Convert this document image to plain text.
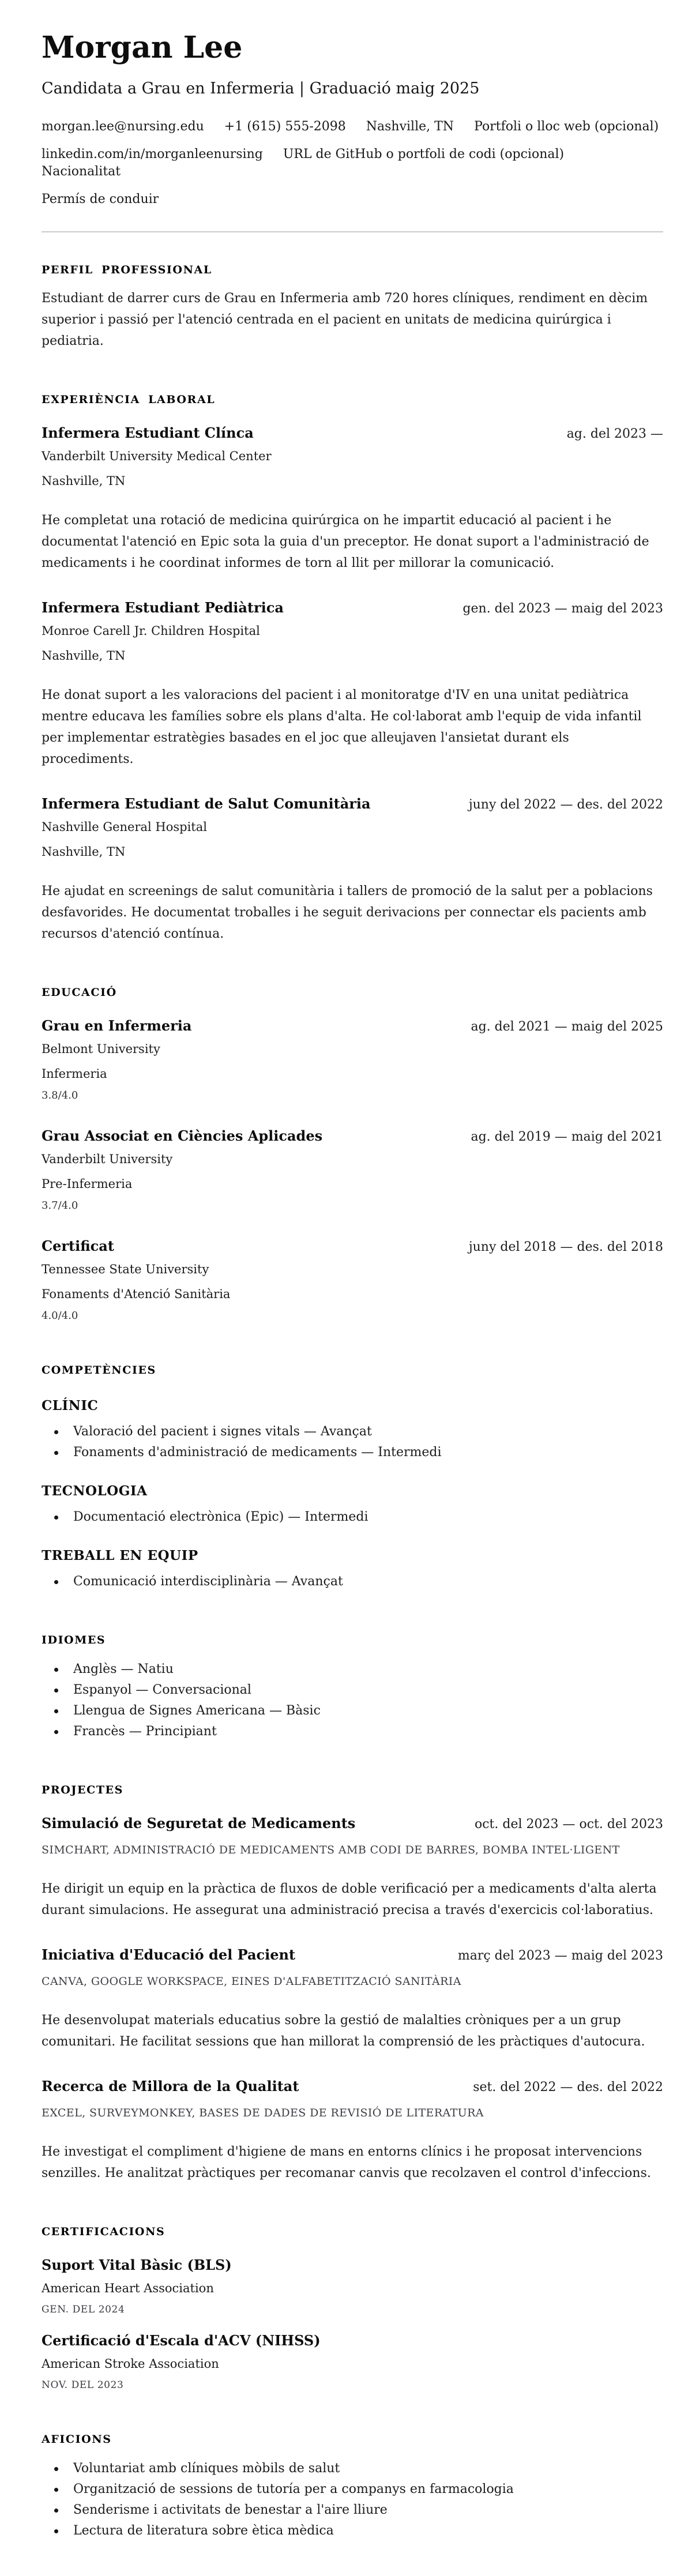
Morgan Lee
Candidata a Grau en Infermeria | Graduació maig 2025
morgan.lee@nursing.edu +1 (615) 555-2098 Nashville, TN Portfoli o lloc web (opcional)
linkedin.com/in/morganleenursing URL de GitHub o portfoli de codi (opcional)
Nacionalitat
Permís de conduir
PERFIL PROFESSIONAL

Estudiant de darrer curs de Grau en Infermeria amb 720 hores clíniques, rendiment en dècim superior i passió per l'atenció centrada en el pacient en unitats de medicina quirúrgica i pediatria.

EXPERIÈNCIA LABORAL
Infermera Estudiant Clínca	ag. del 2023 —
Vanderbilt University Medical Center
Nashville, TN

He completat una rotació de medicina quirúrgica on he impartit educació al pacient i he documentat l'atenció en Epic sota la guia d'un preceptor. He donat suport a l'administració de medicaments i he coordinat informes de torn al llit per millorar la comunicació.

Infermera Estudiant Pediàtrica	gen. del 2023 — maig del 2023
Monroe Carell Jr. Children Hospital
Nashville, TN

He donat suport a les valoracions del pacient i al monitoratge d'IV en una unitat pediàtrica mentre educava les famílies sobre els plans d'alta. He col·laborat amb l'equip de vida infantil per implementar estratègies basades en el joc que alleujaven l'ansietat durant els procediments.

Infermera Estudiant de Salut Comunitària	juny del 2022 — des. del 2022
Nashville General Hospital
Nashville, TN

He ajudat en screenings de salut comunitària i tallers de promoció de la salut per a poblacions desfavorides. He documentat troballes i he seguit derivacions per connectar els pacients amb recursos d'atenció contínua.

EDUCACIÓ
Grau en Infermeria	ag. del 2021 — maig del 2025
Belmont University
Infermeria
3.8/4.0
Grau Associat en Ciències Aplicades	ag. del 2019 — maig del 2021
Vanderbilt University
Pre-Infermeria
3.7/4.0
Certificat	juny del 2018 — des. del 2018
Tennessee State University
Fonaments d'Atenció Sanitària
4.0/4.0
COMPETÈNCIES
CLÍNIC
Valoració del pacient i signes vitals — Avançat
Fonaments d'administració de medicaments — Intermedi
TECNOLOGIA
Documentació electrònica (Epic) — Intermedi
TREBALL EN EQUIP
Comunicació interdisciplinària — Avançat
IDIOMES
Anglès — Natiu
Espanyol — Conversacional
Llengua de Signes Americana — Bàsic
Francès — Principiant
PROJECTES
Simulació de Seguretat de Medicaments	oct. del 2023 — oct. del 2023
SIMCHART, ADMINISTRACIÓ DE MEDICAMENTS AMB CODI DE BARRES, BOMBA INTEL·LIGENT

He dirigit un equip en la pràctica de fluxos de doble verificació per a medicaments d'alta alerta durant simulacions. He assegurat una administració precisa a través d'exercicis col·laboratius.

Iniciativa d'Educació del Pacient	març del 2023 — maig del 2023
CANVA, GOOGLE WORKSPACE, EINES D'ALFABETITZACIÓ SANITÀRIA

He desenvolupat materials educatius sobre la gestió de malalties cròniques per a un grup comunitari. He facilitat sessions que han millorat la comprensió de les pràctiques d'autocura.

Recerca de Millora de la Qualitat	set. del 2022 — des. del 2022
EXCEL, SURVEYMONKEY, BASES DE DADES DE REVISIÓ DE LITERATURA

He investigat el compliment d'higiene de mans en entorns clínics i he proposat intervencions senzilles. He analitzat pràctiques per recomanar canvis que recolzaven el control d'infeccions.

CERTIFICACIONS
Suport Vital Bàsic (BLS)
American Heart Association
GEN. DEL 2024
Certificació d'Escala d'ACV (NIHSS)
American Stroke Association
NOV. DEL 2023
AFICIONS
Voluntariat amb clíniques mòbils de salut
Organització de sessions de tutoría per a companys en farmacologia
Senderisme i activitats de benestar a l'aire lliure
Lectura de literatura sobre ètica mèdica
